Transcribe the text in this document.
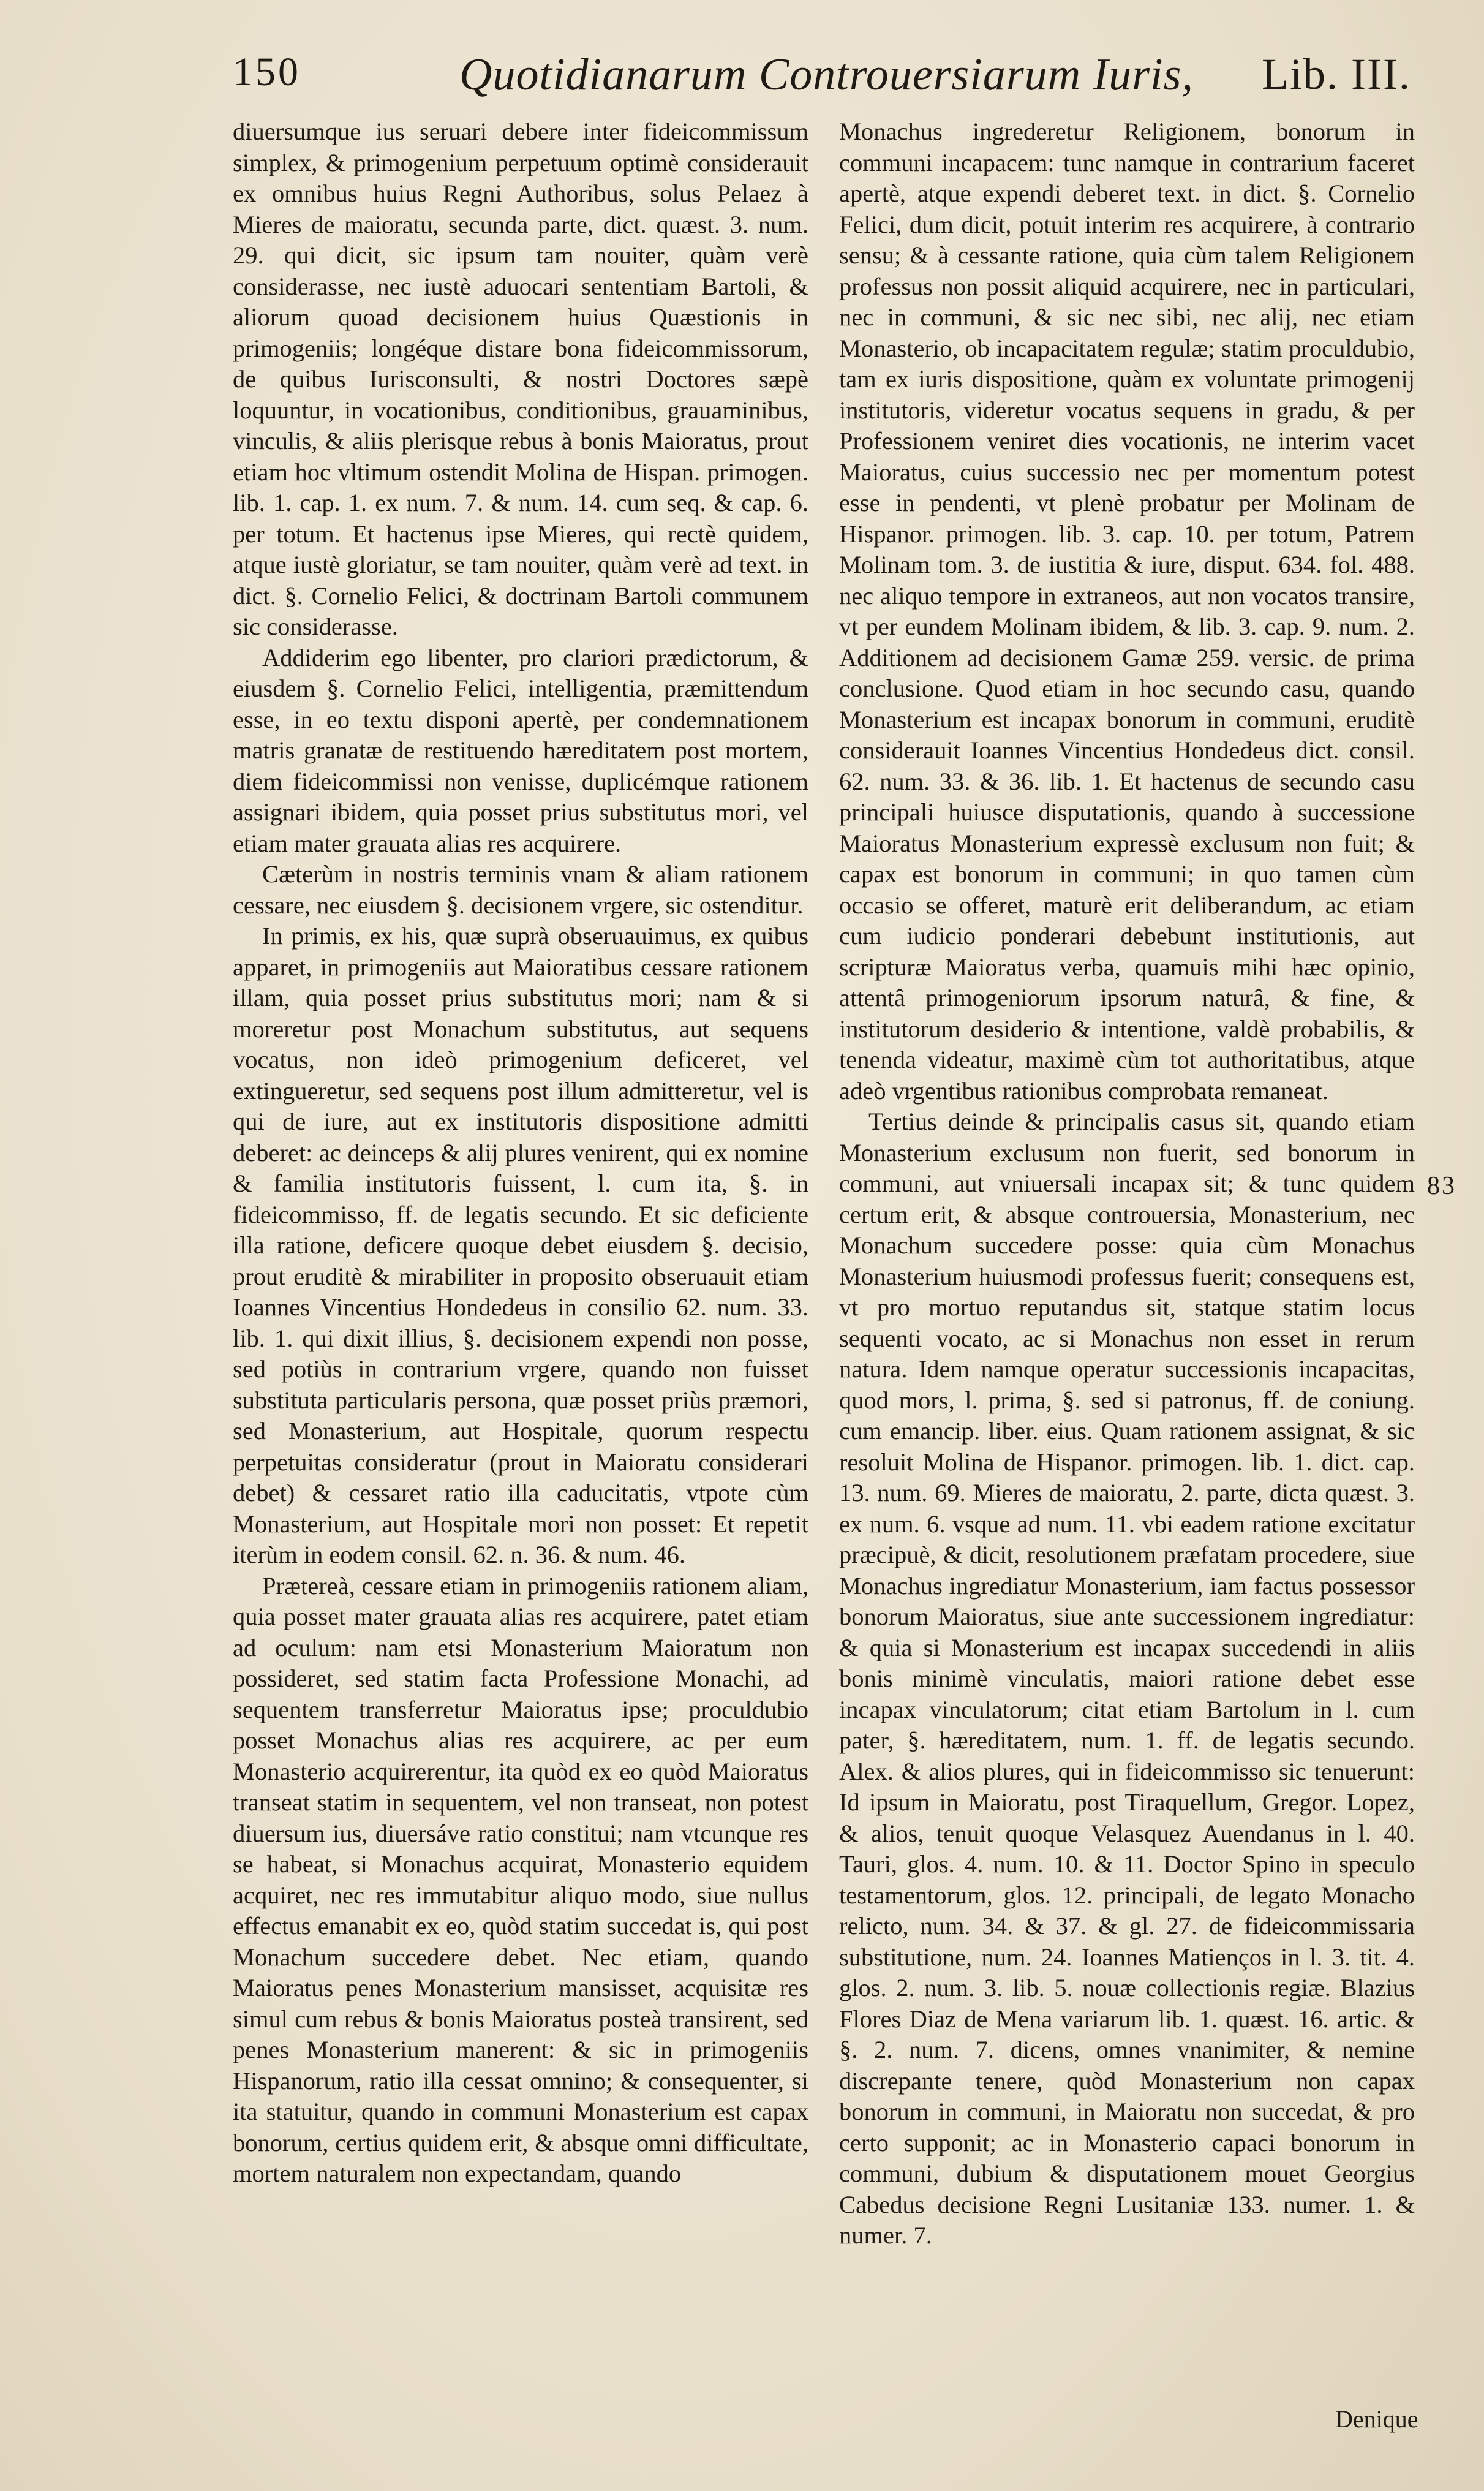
150	Quotidianarum Controuersiarum Iuris, Lib. III.

diuersumque ius seruari debere inter fideicommissum simplex, & primogenium perpetuum optimè considerauit ex omnibus huius Regni Authoribus, solus Pelaez à Mieres de maioratu, secunda parte, dict. quæst. 3. num. 29. qui dicit, sic ipsum tam nouiter, quàm verè considerasse, nec iustè aduocari sententiam Bartoli, & aliorum quoad decisionem huius Quæstionis in primogeniis; longéque distare bona fideicommissorum, de quibus Iurisconsulti, & nostri Doctores sæpè loquuntur, in vocationibus, conditionibus, grauaminibus, vinculis, & aliis plerisque rebus à bonis Maioratus, prout etiam hoc vltimum ostendit Molina de Hispan. primogen. lib. 1. cap. 1. ex num. 7. & num. 14. cum seq. & cap. 6. per totum. Et hactenus ipse Mieres, qui rectè quidem, atque iustè gloriatur, se tam nouiter, quàm verè ad text. in dict. §. Cornelio Felici, & doctrinam Bartoli communem sic considerasse.

Addiderim ego libenter, pro clariori prædictorum, & eiusdem §. Cornelio Felici, intelligentia, præmittendum esse, in eo textu disponi apertè, per condemnationem matris granatæ de restituendo hæreditatem post mortem, diem fideicommissi non venisse, duplicémque rationem assignari ibidem, quia posset prius substitutus mori, vel etiam mater grauata alias res acquirere.

Cæterùm in nostris terminis vnam & aliam rationem cessare, nec eiusdem §. decisionem vrgere, sic ostenditur.

In primis, ex his, quæ suprà obseruauimus, ex quibus apparet, in primogeniis aut Maioratibus cessare rationem illam, quia posset prius substitutus mori; nam & si moreretur post Monachum substitutus, aut sequens vocatus, non ideò primogenium deficeret, vel extingueretur, sed sequens post illum admitteretur, vel is qui de iure, aut ex institutoris dispositione admitti deberet: ac deinceps & alij plures venirent, qui ex nomine & familia institutoris fuissent, l. cum ita, §. in fideicommisso, ff. de legatis secundo. Et sic deficiente illa ratione, deficere quoque debet eiusdem §. decisio, prout eruditè & mirabiliter in proposito obseruauit etiam Ioannes Vincentius Hondedeus in consilio 62. num. 33. lib. 1. qui dixit illius, §. decisionem expendi non posse, sed potiùs in contrarium vrgere, quando non fuisset substituta particularis persona, quæ posset priùs præmori, sed Monasterium, aut Hospitale, quorum respectu perpetuitas consideratur (prout in Maioratu considerari debet) & cessaret ratio illa caducitatis, vtpote cùm Monasterium, aut Hospitale mori non posset: Et repetit iterùm in eodem consil. 62. n. 36. & num. 46.

Prætereà, cessare etiam in primogeniis rationem aliam, quia posset mater grauata alias res acquirere, patet etiam ad oculum: nam etsi Monasterium Maioratum non possideret, sed statim facta Professione Monachi, ad sequentem transferretur Maioratus ipse; proculdubio posset Monachus alias res acquirere, ac per eum Monasterio acquirerentur, ita quòd ex eo quòd Maioratus transeat statim in sequentem, vel non transeat, non potest diuersum ius, diuersáve ratio constitui; nam vtcunque res se habeat, si Monachus acquirat, Monasterio equidem acquiret, nec res immutabitur aliquo modo, siue nullus effectus emanabit ex eo, quòd statim succedat is, qui post Monachum succedere debet. Nec etiam, quando Maioratus penes Monasterium mansisset, acquisitæ res simul cum rebus & bonis Maioratus posteà transirent, sed penes Monasterium manerent: & sic in primogeniis Hispanorum, ratio illa cessat omnino; & consequenter, si ita statuitur, quando in communi Monasterium est capax bonorum, certius quidem erit, & absque omni difficultate, mortem naturalem non expectandam, quando

Monachus ingrederetur Religionem, bonorum in communi incapacem: tunc namque in contrarium faceret apertè, atque expendi deberet text. in dict. §. Cornelio Felici, dum dicit, potuit interim res acquirere, à contrario sensu; & à cessante ratione, quia cùm talem Religionem professus non possit aliquid acquirere, nec in particulari, nec in communi, & sic nec sibi, nec alij, nec etiam Monasterio, ob incapacitatem regulæ; statim proculdubio, tam ex iuris dispositione, quàm ex voluntate primogenij institutoris, videretur vocatus sequens in gradu, & per Professionem veniret dies vocationis, ne interim vacet Maioratus, cuius successio nec per momentum potest esse in pendenti, vt plenè probatur per Molinam de Hispanor. primogen. lib. 3. cap. 10. per totum, Patrem Molinam tom. 3. de iustitia & iure, disput. 634. fol. 488. nec aliquo tempore in extraneos, aut non vocatos transire, vt per eundem Molinam ibidem, & lib. 3. cap. 9. num. 2. Additionem ad decisionem Gamæ 259. versic. de prima conclusione. Quod etiam in hoc secundo casu, quando Monasterium est incapax bonorum in communi, eruditè considerauit Ioannes Vincentius Hondedeus dict. consil. 62. num. 33. & 36. lib. 1. Et hactenus de secundo casu principali huiusce disputationis, quando à successione Maioratus Monasterium expressè exclusum non fuit; & capax est bonorum in communi; in quo tamen cùm occasio se offeret, maturè erit deliberandum, ac etiam cum iudicio ponderari debebunt institutionis, aut scripturæ Maioratus verba, quamuis mihi hæc opinio, attentâ primogeniorum ipsorum naturâ, & fine, & institutorum desiderio & intentione, valdè probabilis, & tenenda videatur, maximè cùm tot authoritatibus, atque adeò vrgentibus rationibus comprobata remaneat.

Tertius deinde & principalis casus sit, quando etiam Monasterium exclusum non fuerit, sed bonorum in communi, aut vniuersali incapax sit; & tunc quidem certum erit, & absque controuersia, Monasterium, nec Monachum succedere posse: quia cùm Monachus Monasterium huiusmodi professus fuerit; consequens est, vt pro mortuo reputandus sit, statque statim locus sequenti vocato, ac si Monachus non esset in rerum natura. Idem namque operatur successionis incapacitas, quod mors, l. prima, §. sed si patronus, ff. de coniung. cum emancip. liber. eius. Quam rationem assignat, & sic resoluit Molina de Hispanor. primogen. lib. 1. dict. cap. 13. num. 69. Mieres de maioratu, 2. parte, dicta quæst. 3. ex num. 6. vsque ad num. 11. vbi eadem ratione excitatur præcipuè, & dicit, resolutionem præfatam procedere, siue Monachus ingrediatur Monasterium, iam factus possessor bonorum Maioratus, siue ante successionem ingrediatur: & quia si Monasterium est incapax succedendi in aliis bonis minimè vinculatis, maiori ratione debet esse incapax vinculatorum; citat etiam Bartolum in l. cum pater, §. hæreditatem, num. 1. ff. de legatis secundo. Alex. & alios plures, qui in fideicommisso sic tenuerunt: Id ipsum in Maioratu, post Tiraquellum, Gregor. Lopez, & alios, tenuit quoque Velasquez Auendanus in l. 40. Tauri, glos. 4. num. 10. & 11. Doctor Spino in speculo testamentorum, glos. 12. principali, de legato Monacho relicto, num. 34. & 37. & gl. 27. de fideicommissaria substitutione, num. 24. Ioannes Matienços in l. 3. tit. 4. glos. 2. num. 3. lib. 5. nouæ collectionis regiæ. Blazius Flores Diaz de Mena variarum lib. 1. quæst. 16. artic. & §. 2. num. 7. dicens, omnes vnanimiter, & nemine discrepante tenere, quòd Monasterium non capax bonorum in communi, in Maioratu non succedat, & pro certo supponit; ac in Monasterio capaci bonorum in communi, dubium & disputationem mouet Georgius Cabedus decisione Regni Lusitaniæ 133. numer. 1. & numer. 7.

83
Denique
